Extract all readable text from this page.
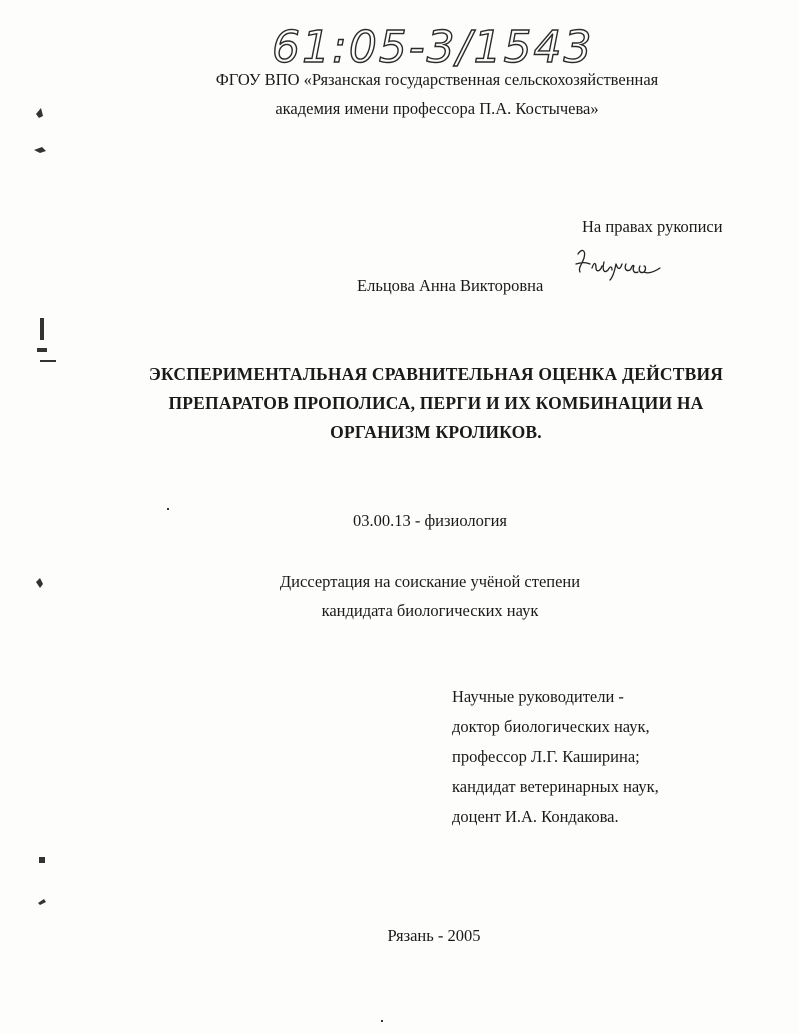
61:05-3/1543
ФГОУ ВПО «Рязанская государственная сельскохозяйственная
академия имени профессора П.А. Костычева»
На правах рукописи
Ельцова Анна Викторовна
ЭКСПЕРИМЕНТАЛЬНАЯ СРАВНИТЕЛЬНАЯ ОЦЕНКА ДЕЙСТВИЯ
ПРЕПАРАТОВ ПРОПОЛИСА, ПЕРГИ И ИХ КОМБИНАЦИИ НА
ОРГАНИЗМ КРОЛИКОВ.
03.00.13 - физиология
Диссертация на соискание учёной степени
кандидата биологических наук
Научные руководители -
доктор биологических наук,
профессор Л.Г. Каширина;
кандидат ветеринарных наук,
доцент И.А. Кондакова.
Рязань - 2005
